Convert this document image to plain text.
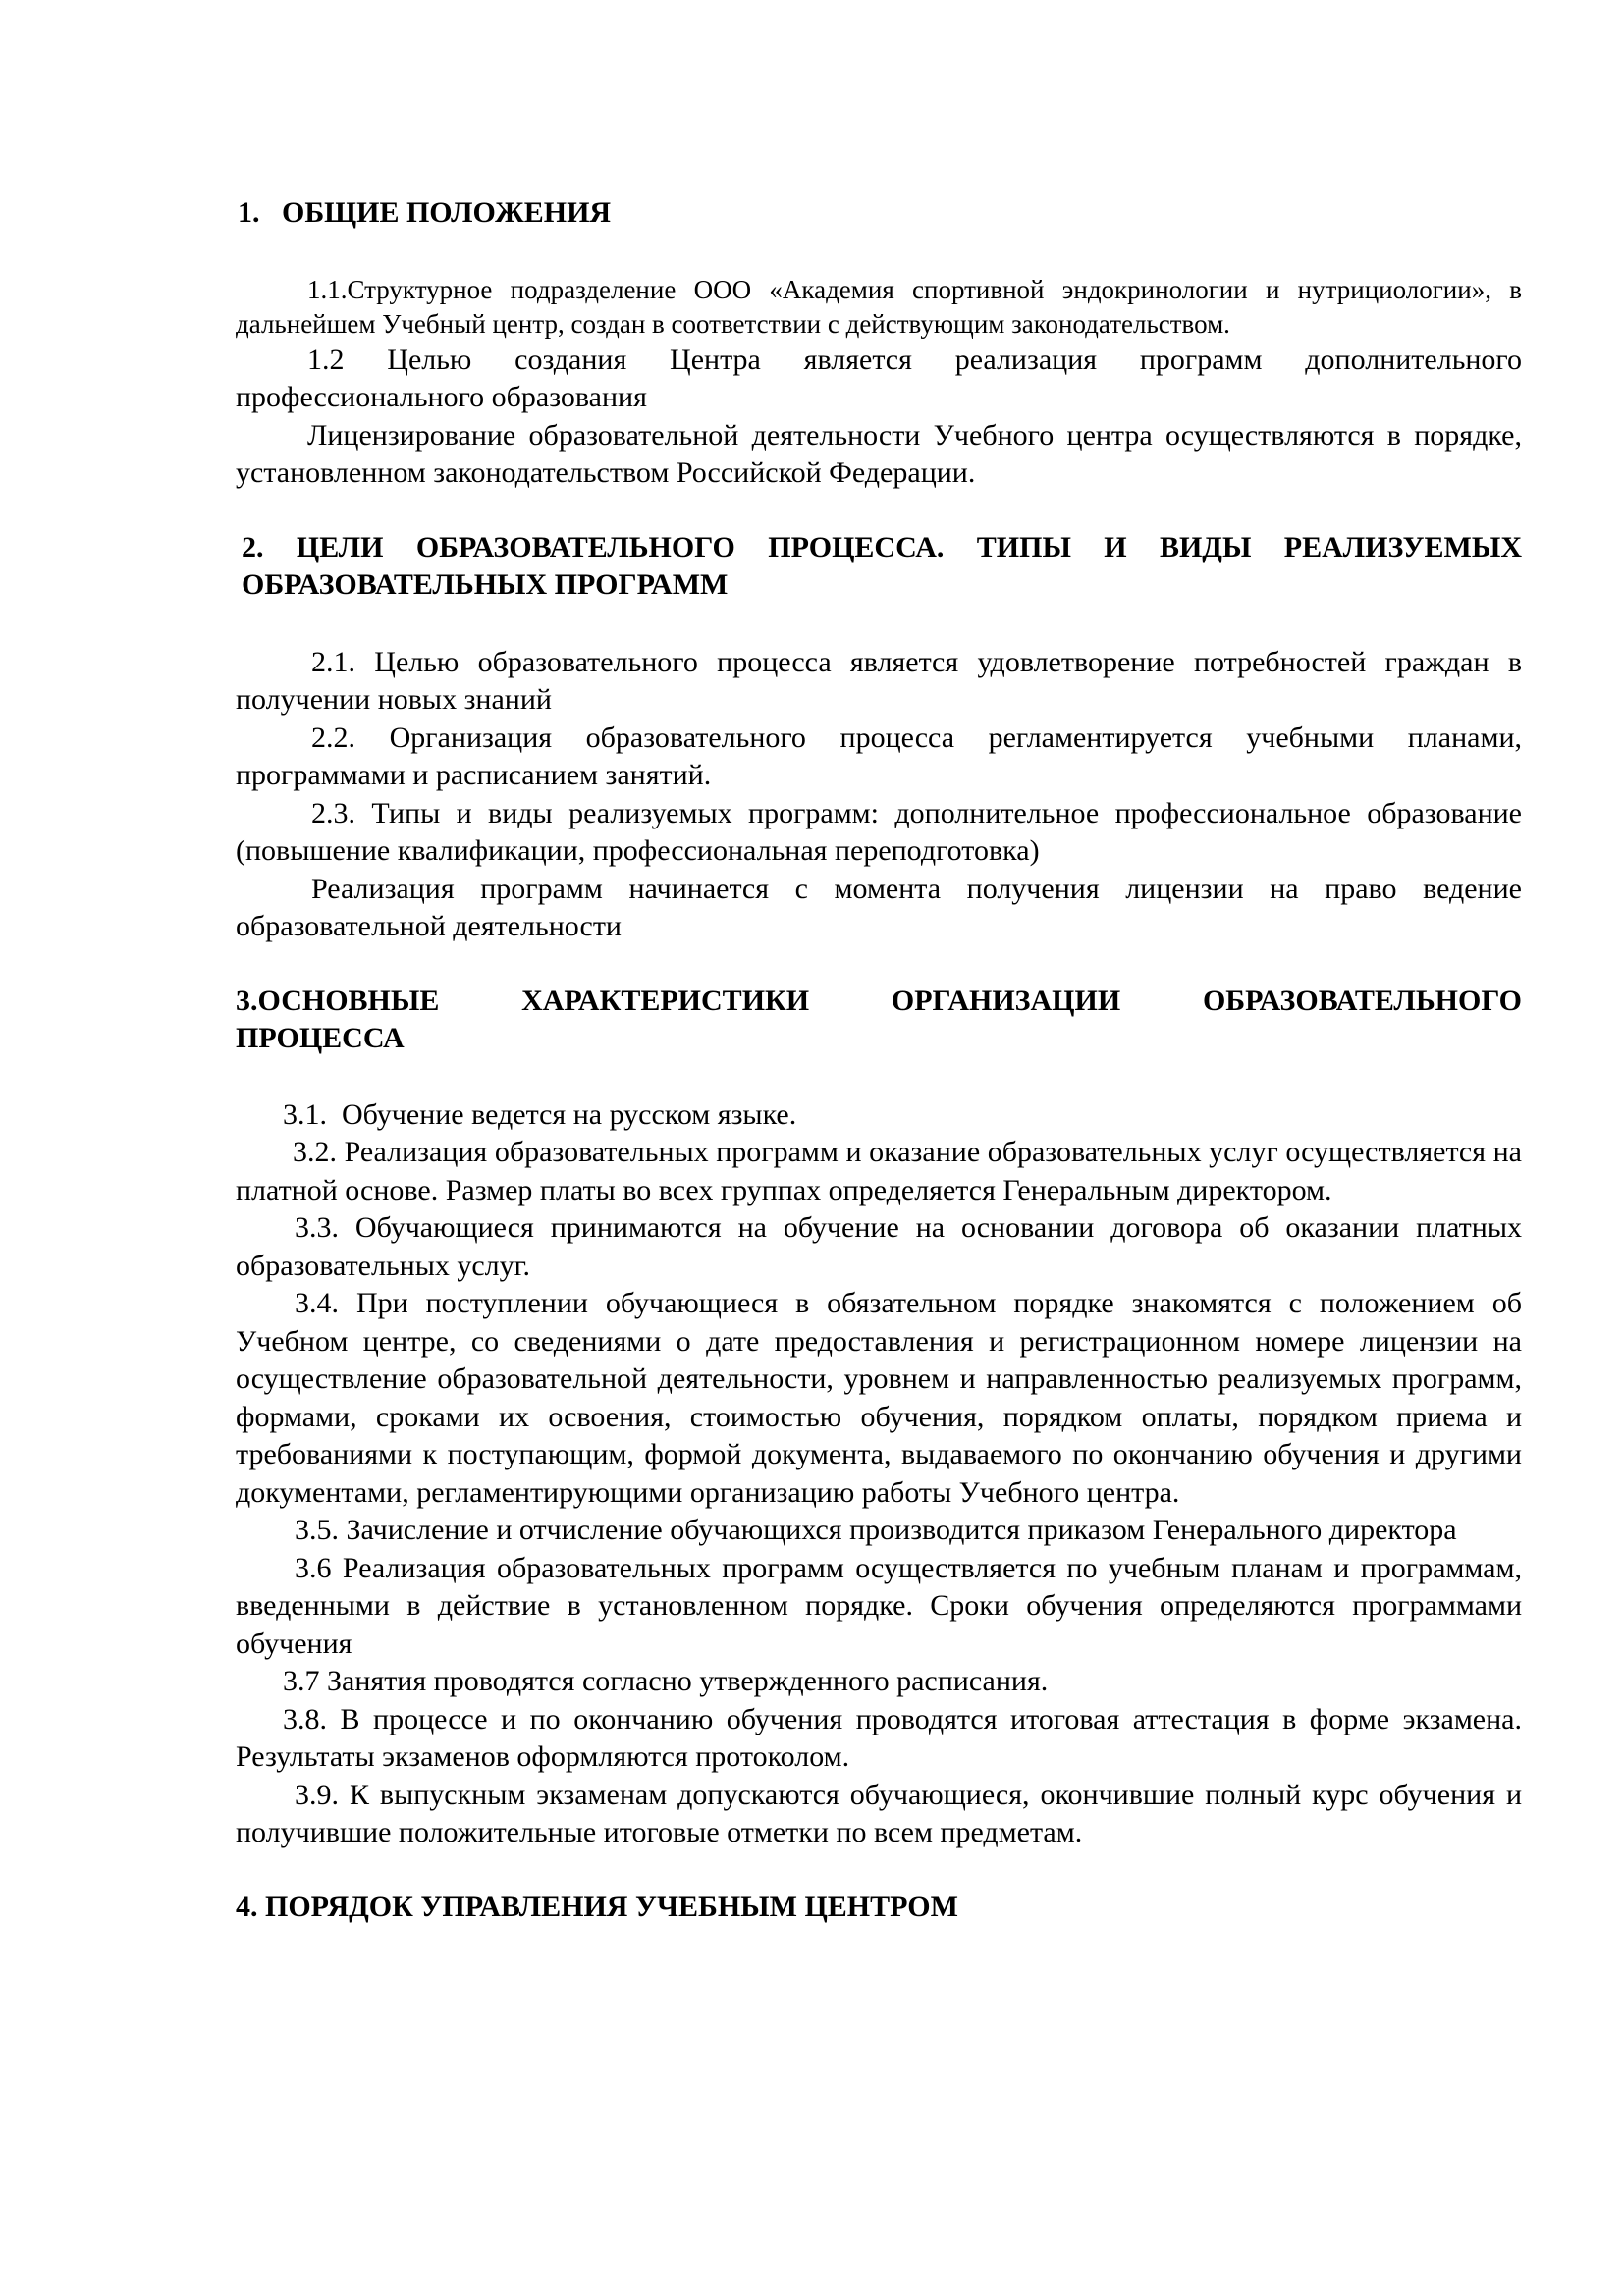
1.   ОБЩИЕ ПОЛОЖЕНИЯ

1.1.Структурное подразделение ООО «Академия спортивной эндокринологии и нутрициологии», в дальнейшем Учебный центр, создан в соответствии с действующим законодательством.

1.2 Целью создания Центра является реализация программ дополнительного профессионального образования

Лицензирование образовательной деятельности Учебного центра осуществляются в порядке, установленном законодательством Российской Федерации.

2. ЦЕЛИ ОБРАЗОВАТЕЛЬНОГО ПРОЦЕССА. ТИПЫ И ВИДЫ РЕАЛИЗУЕМЫХ ОБРАЗОВАТЕЛЬНЫХ ПРОГРАММ

2.1. Целью образовательного процесса является удовлетворение потребностей граждан в получении новых знаний

2.2. Организация образовательного процесса регламентируется учебными планами, программами и расписанием занятий.

2.3. Типы и виды реализуемых программ: дополнительное профессиональное образование (повышение квалификации, профессиональная переподготовка)

Реализация программ начинается с момента получения лицензии на право ведение образовательной деятельности

3.ОСНОВНЫЕ ХАРАКТЕРИСТИКИ ОРГАНИЗАЦИИ ОБРАЗОВАТЕЛЬНОГО
ПРОЦЕССА

3.1.  Обучение ведется на русском языке.

3.2. Реализация образовательных программ и оказание образовательных услуг осуществляется на платной основе. Размер платы во всех группах определяется Генеральным директором.

3.3. Обучающиеся принимаются на обучение на основании договора об оказании платных образовательных услуг.

3.4. При поступлении обучающиеся в обязательном порядке знакомятся с положением об Учебном центре, со сведениями о дате предоставления и регистрационном номере лицензии на осуществление образовательной деятельности, уровнем и направленностью реализуемых программ, формами, сроками их освоения, стоимостью обучения, порядком оплаты, порядком приема и требованиями к поступающим, формой документа, выдаваемого по окончанию обучения и другими документами, регламентирующими организацию работы Учебного центра.

3.5. Зачисление и отчисление обучающихся производится приказом Генерального директора

3.6 Реализация образовательных программ осуществляется по учебным планам и программам, введенными в действие в установленном порядке. Сроки обучения определяются программами обучения

3.7 Занятия проводятся согласно утвержденного расписания.

3.8. В процессе и по окончанию обучения проводятся итоговая аттестация в форме экзамена. Результаты экзаменов оформляются протоколом.

3.9. К выпускным экзаменам допускаются обучающиеся, окончившие полный курс обучения и получившие положительные итоговые отметки по всем предметам.

4. ПОРЯДОК УПРАВЛЕНИЯ УЧЕБНЫМ ЦЕНТРОМ
